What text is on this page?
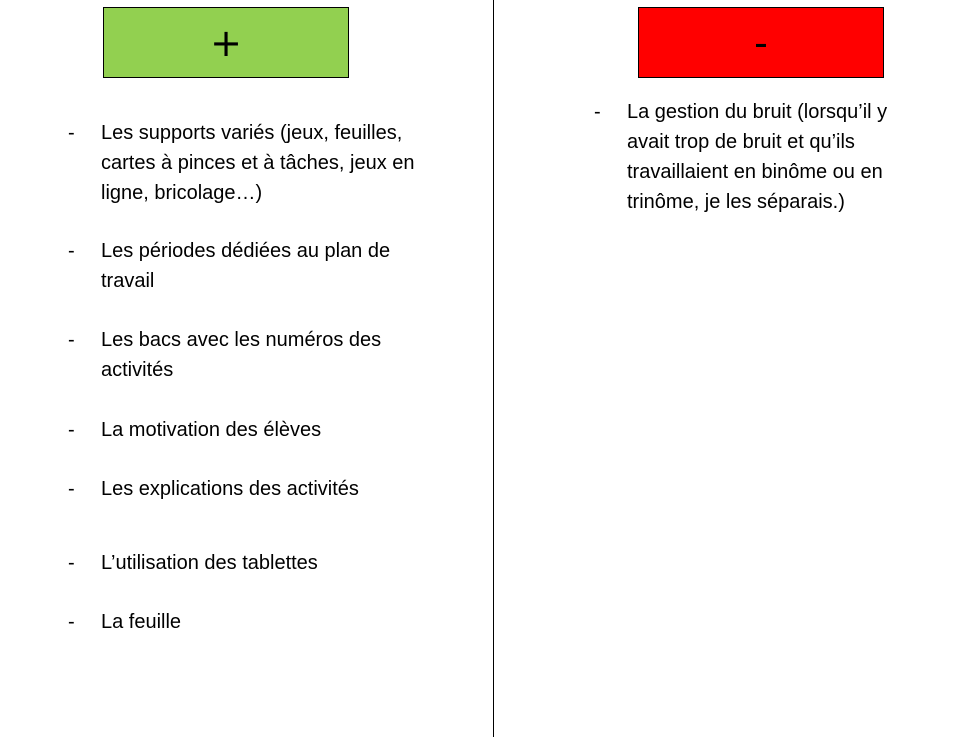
+	-
- Les supports variés (jeux, feuilles, cartes à pinces et à tâches, jeux en ligne, bricolage…)
- Les périodes dédiées au plan de travail
- Les bacs avec les numéros des activités
- La motivation des élèves
- Les explications des activités
- L’utilisation des tablettes
- La feuille
- La gestion du bruit (lorsqu’il y avait trop de bruit et qu’ils travaillaient en binôme ou en trinôme, je les séparais.)
